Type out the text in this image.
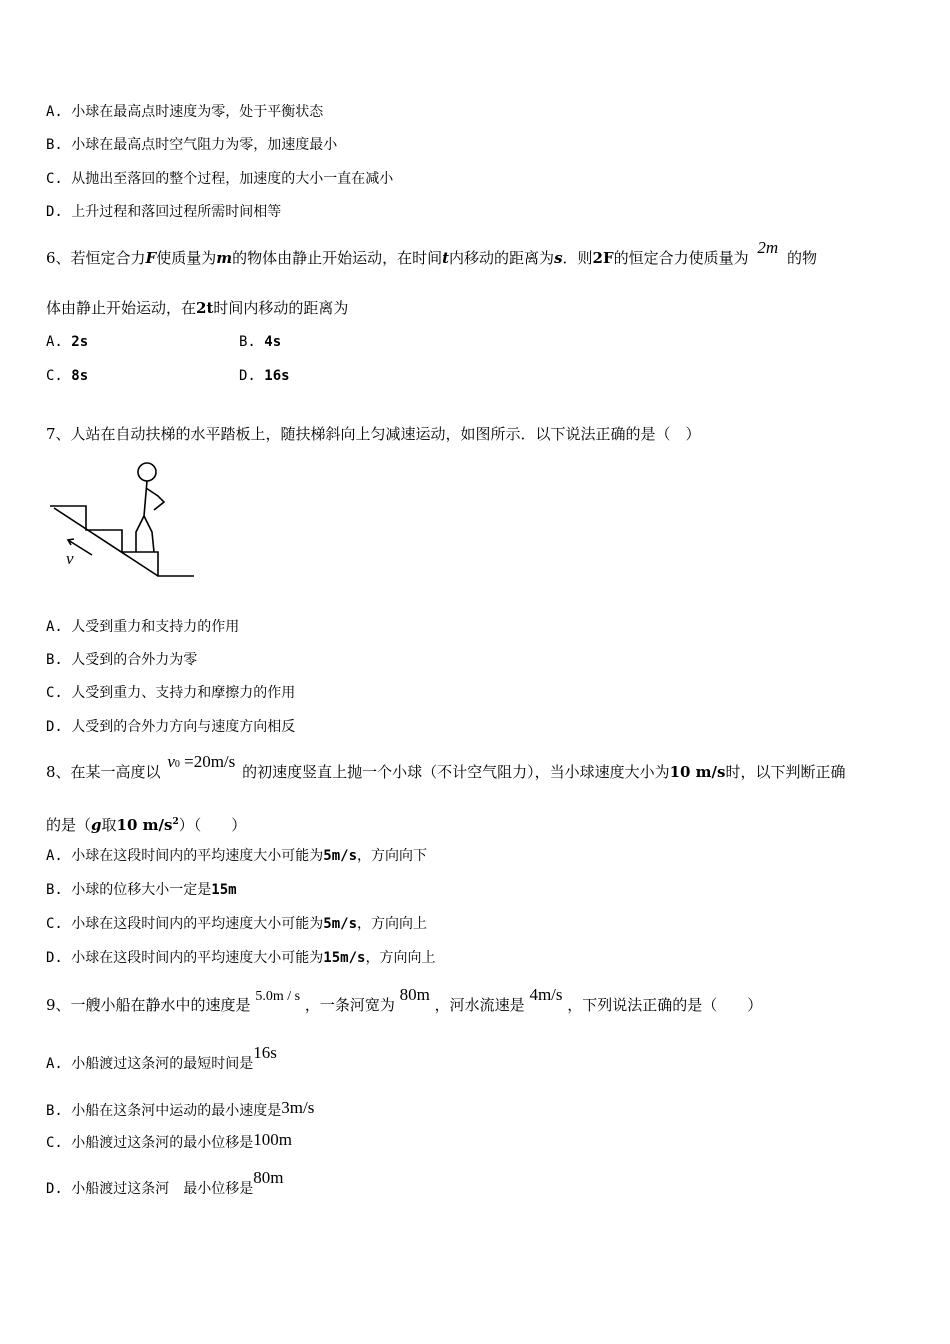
A. 小球在最高点时速度为零，处于平衡状态
B. 小球在最高点时空气阻力为零，加速度最小
C. 从抛出至落回的整个过程，加速度的大小一直在减小
D. 上升过程和落回过程所需时间相等
6、若恒定合力F使质量为m的物体由静止开始运动，在时间t内移动的距离为s．则2F的恒定合力使质量为 2m 的物
体由静止开始运动，在2t时间内移动的距离为
A. 2s	B. 4s
C. 8s	D. 16s
7、人站在自动扶梯的水平踏板上，随扶梯斜向上匀减速运动，如图所示．以下说法正确的是（　）
v
A. 人受到重力和支持力的作用
B. 人受到的合外力为零
C. 人受到重力、支持力和摩擦力的作用
D. 人受到的合外力方向与速度方向相反
8、在某一高度以 v0 =20m/s 的初速度竖直上抛一个小球（不计空气阻力），当小球速度大小为10 m/s时，以下判断正确
的是（g取10 $m/s^2$）（　　）
A. 小球在这段时间内的平均速度大小可能为5m/s，方向向下
B. 小球的位移大小一定是15m
C. 小球在这段时间内的平均速度大小可能为5m/s，方向向上
D. 小球在这段时间内的平均速度大小可能为15m/s，方向向上
9、一艘小船在静水中的速度是 5.0m / s ，一条河宽为 80m ，河水流速是 4m/s ，下列说法正确的是（　　）
A. 小船渡过这条河的最短时间是16s
B. 小船在这条河中运动的最小速度是3m/s
C. 小船渡过这条河的最小位移是100m
D. 小船渡过这条河　最小位移是80m
